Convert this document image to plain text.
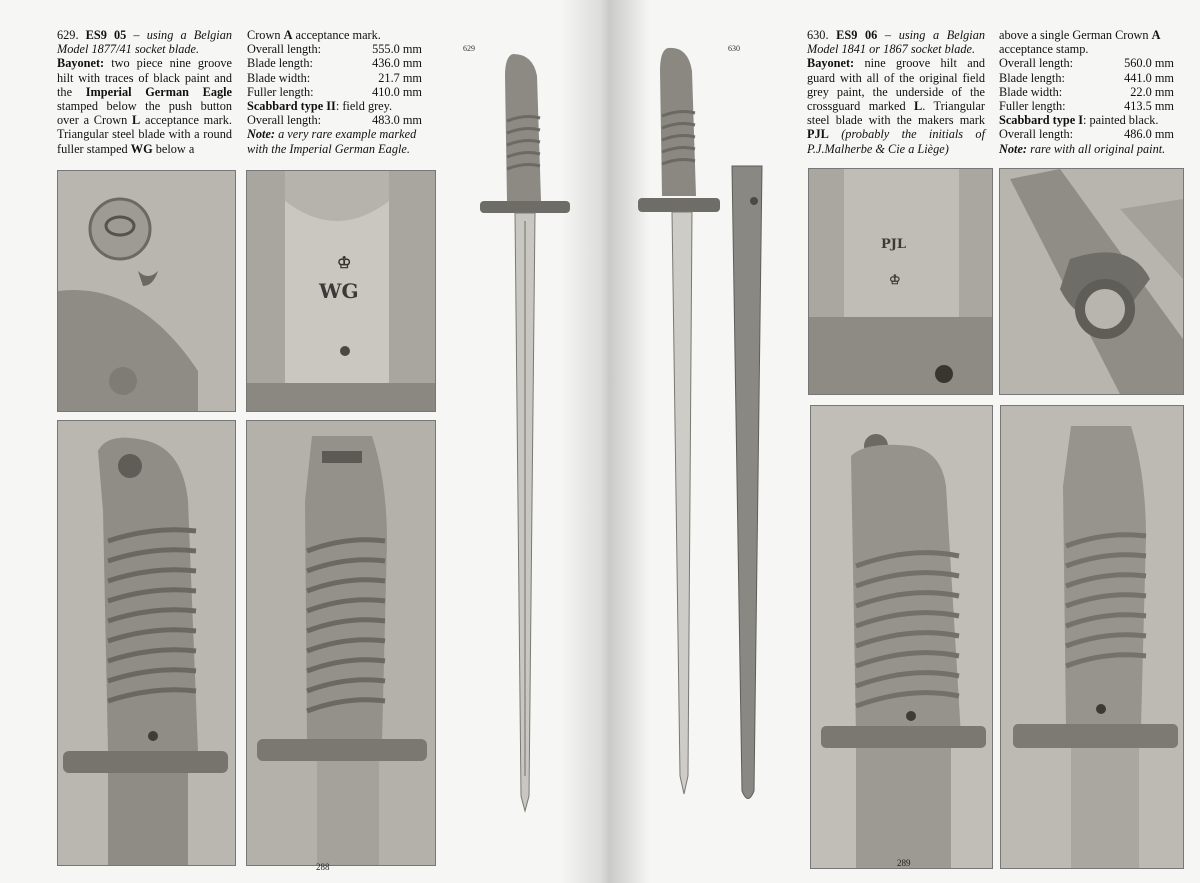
629. ES9 05 – using a Belgian Model 1877/41 socket blade.

Bayonet: two piece nine groove hilt with traces of black paint and the Imperial German Eagle stamped below the push button over a Crown L acceptance mark. Triangular steel blade with a round fuller stamped WG below a

Crown A acceptance mark.

Overall length:	555.0 mm
Blade length:	436.0 mm
Blade width:	21.7 mm
Fuller length:	410.0 mm

Scabbard type II: field grey.

Overall length:	483.0 mm

Note: a very rare example marked with the Imperial German Eagle.

630. ES9 06 – using a Belgian Model 1841 or 1867 socket blade.

Bayonet: nine groove hilt and guard with all of the original field grey paint, the underside of the crossguard marked L. Triangular steel blade with the makers mark PJL (probably the initials of P.J.Malherbe & Cie a Liège)

above a single German Crown A acceptance stamp.

Overall length:	560.0 mm
Blade length:	441.0 mm
Blade width:	22.0 mm
Fuller length:	413.5 mm

Scabbard type I: painted black.

Overall length:	486.0 mm

Note: rare with all original paint.

♔
WG
629	630
♔
PJL
288	289
